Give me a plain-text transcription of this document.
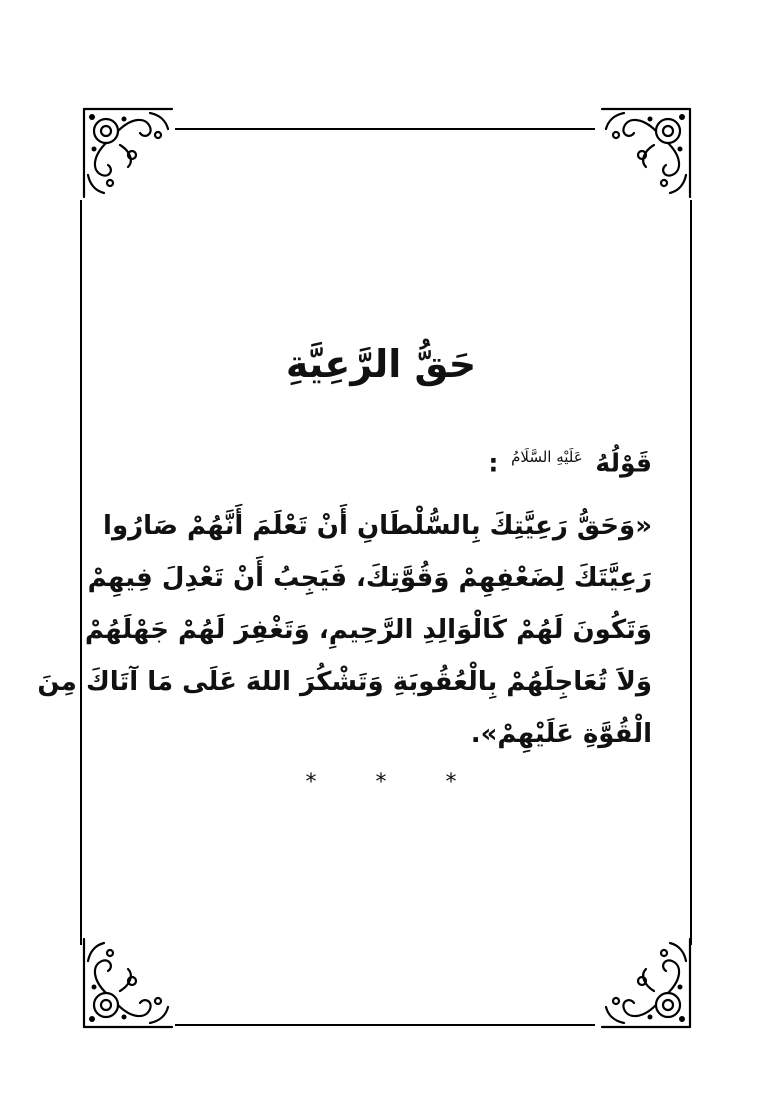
حَقُّ الرَّعِيَّةِ
قَوْلُهُ $^{عَلَيْهِ السَّلَامُ}$ :
«وَحَقُّ رَعِيَّتِكَ بِالسُّلْطَانِ أَنْ تَعْلَمَ أَنَّهُمْ صَارُوا
رَعِيَّتَكَ لِضَعْفِهِمْ وَقُوَّتِكَ، فَيَجِبُ أَنْ تَعْدِلَ فِيهِمْ
وَتَكُونَ لَهُمْ كَالْوَالِدِ الرَّحِيمِ، وَتَغْفِرَ لَهُمْ جَهْلَهُمْ
وَلاَ تُعَاجِلَهُمْ بِالْعُقُوبَةِ وَتَشْكُرَ اللهَ عَلَى مَا آتَاكَ مِنَ
الْقُوَّةِ عَلَيْهِمْ».
* * *
